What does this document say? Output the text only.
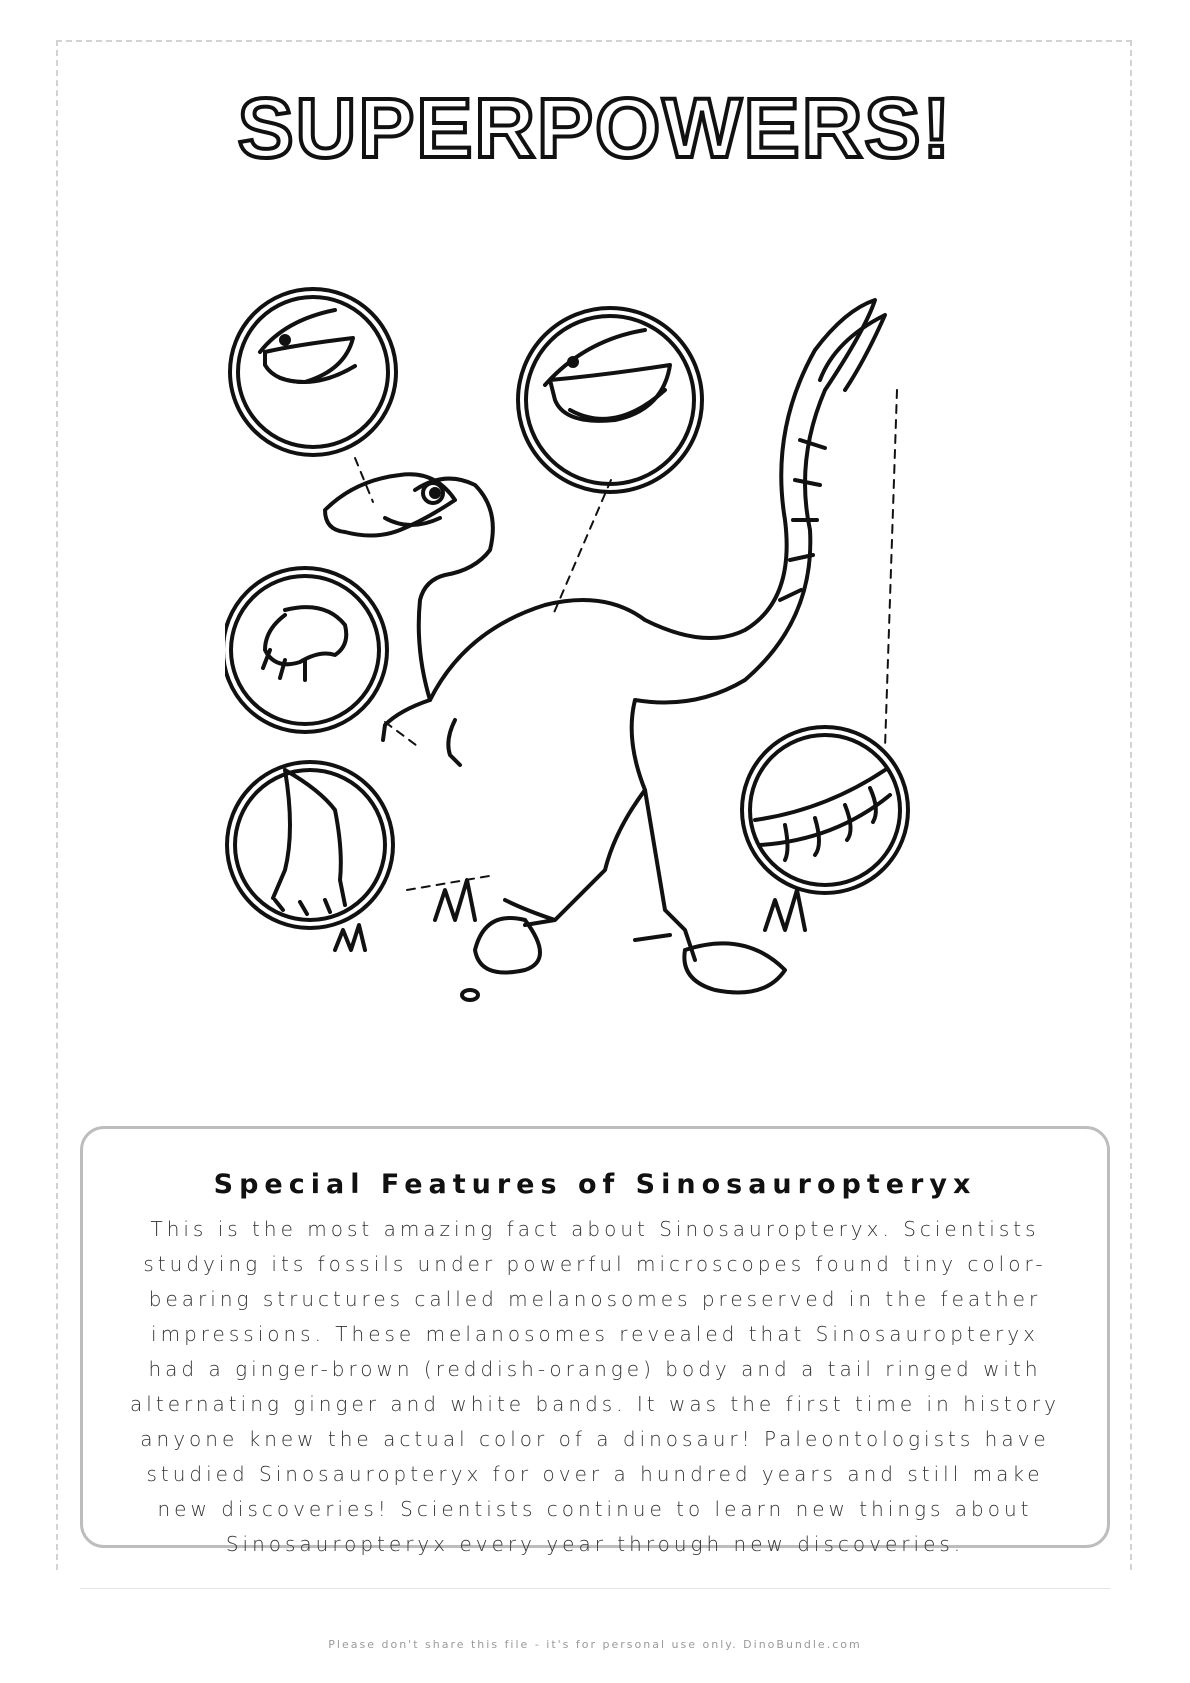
SUPERPOWERS!
Special Features of Sinosauropteryx

This is the most amazing fact about Sinosauropteryx. Scientists studying its fossils under powerful microscopes found tiny color-bearing structures called melanosomes preserved in the feather impressions. These melanosomes revealed that Sinosauropteryx had a ginger-brown (reddish-orange) body and a tail ringed with alternating ginger and white bands. It was the first time in history anyone knew the actual color of a dinosaur! Paleontologists have studied Sinosauropteryx for over a hundred years and still make new discoveries! Scientists continue to learn new things about Sinosauropteryx every year through new discoveries.

Please don't share this file - it's for personal use only. DinoBundle.com
